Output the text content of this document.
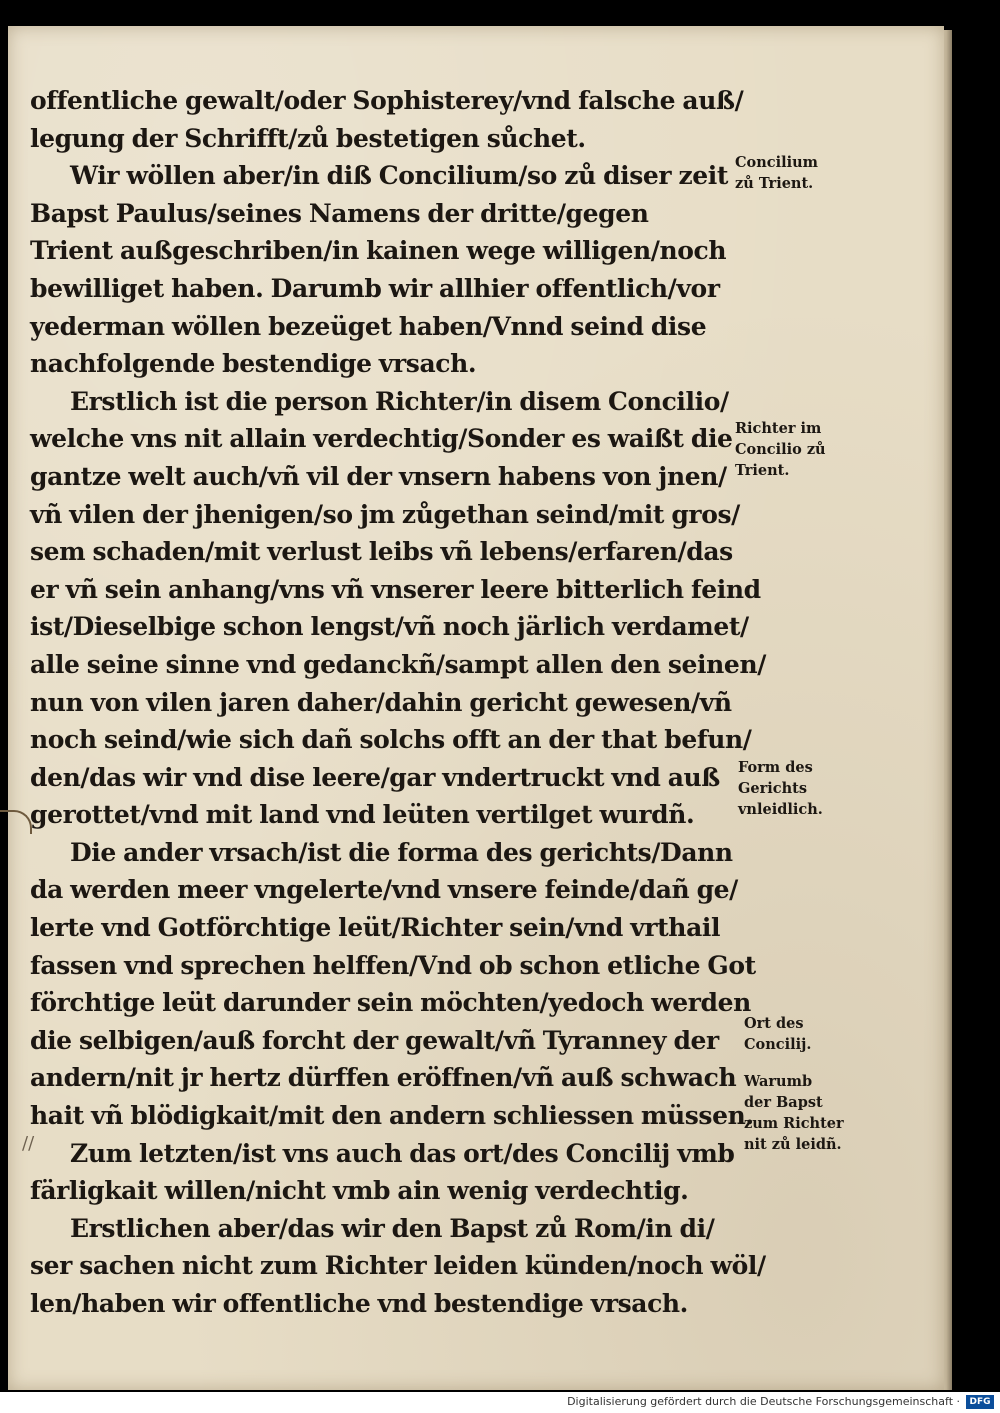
//
offentliche gewalt/oder Sophisterey/vnd falsche auß/
legung der Schrifft/zů bestetigen sůchet.
Wir wöllen aber/in diß Concilium/so zů diser zeit
Bapst Paulus/seines Namens der dritte/gegen
Trient außgeschriben/in kainen wege willigen/noch
bewilliget haben. Darumb wir allhier offentlich/vor
yederman wöllen bezeüget haben/Vnnd seind dise
nachfolgende bestendige vrsach.
Erstlich ist die person Richter/in disem Concilio/
welche vns nit allain verdechtig/Sonder es waißt die
gantze welt auch/vñ vil der vnsern habens von jnen/
vñ vilen der jhenigen/so jm zůgethan seind/mit gros/
sem schaden/mit verlust leibs vñ lebens/erfaren/das
er vñ sein anhang/vns vñ vnserer leere bitterlich feind
ist/Dieselbige schon lengst/vñ noch järlich verdamet/
alle seine sinne vnd gedanckñ/sampt allen den seinen/
nun von vilen jaren daher/dahin gericht gewesen/vñ
noch seind/wie sich dañ solchs offt an der that befun/
den/das wir vnd dise leere/gar vndertruckt vnd auß
gerottet/vnd mit land vnd leüten vertilget wurdñ.
Die ander vrsach/ist die forma des gerichts/Dann
da werden meer vngelerte/vnd vnsere feinde/dañ ge/
lerte vnd Gotförchtige leüt/Richter sein/vnd vrthail
fassen vnd sprechen helffen/Vnd ob schon etliche Got
förchtige leüt darunder sein möchten/yedoch werden
die selbigen/auß forcht der gewalt/vñ Tyranney der
andern/nit jr hertz dürffen eröffnen/vñ auß schwach
hait vñ blödigkait/mit den andern schliessen müssen.
Zum letzten/ist vns auch das ort/des Concilij vmb
färligkait willen/nicht vmb ain wenig verdechtig.
Erstlichen aber/das wir den Bapst zů Rom/in di/
ser sachen nicht zum Richter leiden künden/noch wöl/
len/haben wir offentliche vnd bestendige vrsach.
Concilium
zů Trient.
Richter im
Concilio zů
Trient.
Form des
Gerichts
vnleidlich.
Ort des
Concilij.
Warumb
der Bapst
zum Richter
nit zů leidñ.
Digitalisierung gefördert durch die Deutsche Forschungsgemeinschaft ·	DFG
